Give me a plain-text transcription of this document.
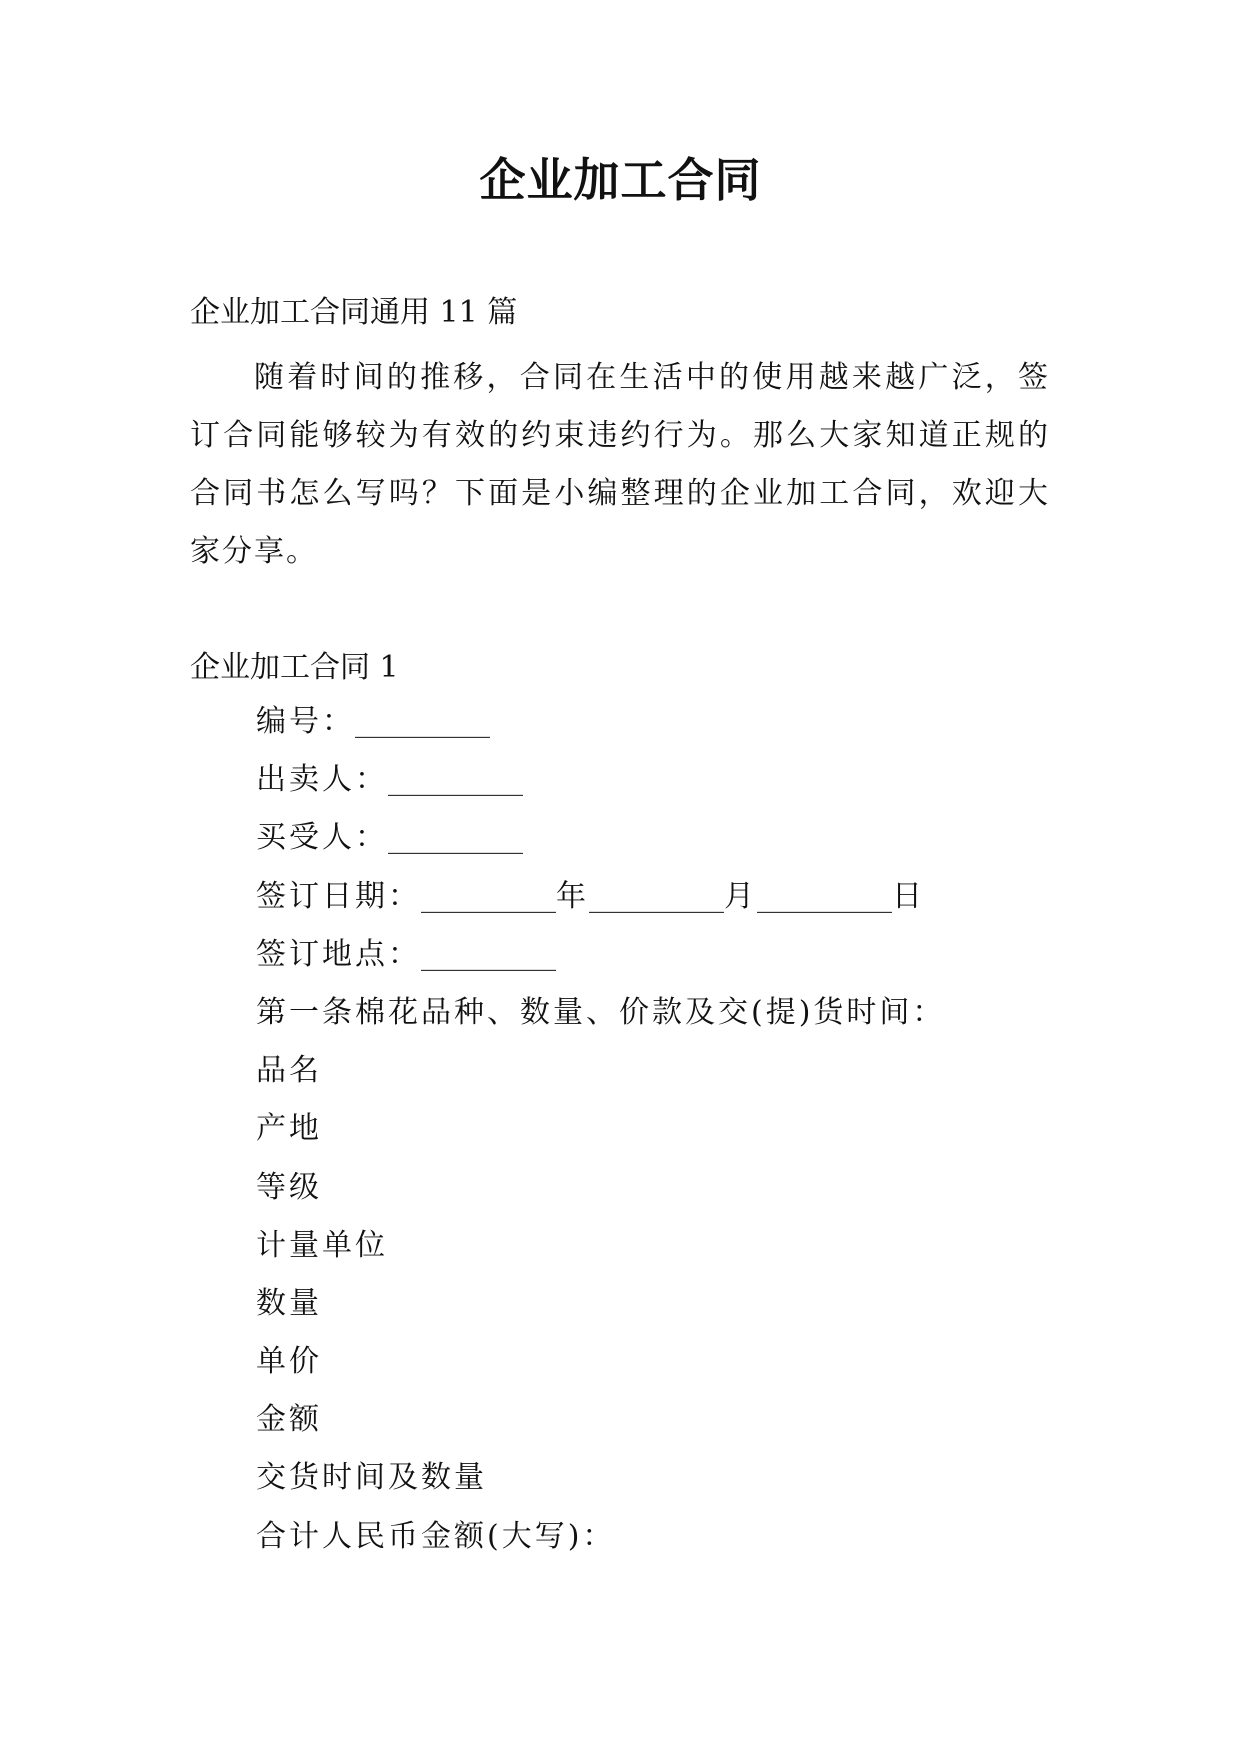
企业加工合同
企业加工合同通用 11 篇

随着时间的推移，合同在生活中的使用越来越广泛，签订合同能够较为有效的约束违约行为。那么大家知道正规的合同书怎么写吗？下面是小编整理的企业加工合同，欢迎大家分享。

企业加工合同 1
编号：_________
出卖人：_________
买受人：_________
签订日期：_________年_________月_________日
签订地点：_________
第一条棉花品种、数量、价款及交(提)货时间：
品名
产地
等级
计量单位
数量
单价
金额
交货时间及数量
合计人民币金额(大写)：
